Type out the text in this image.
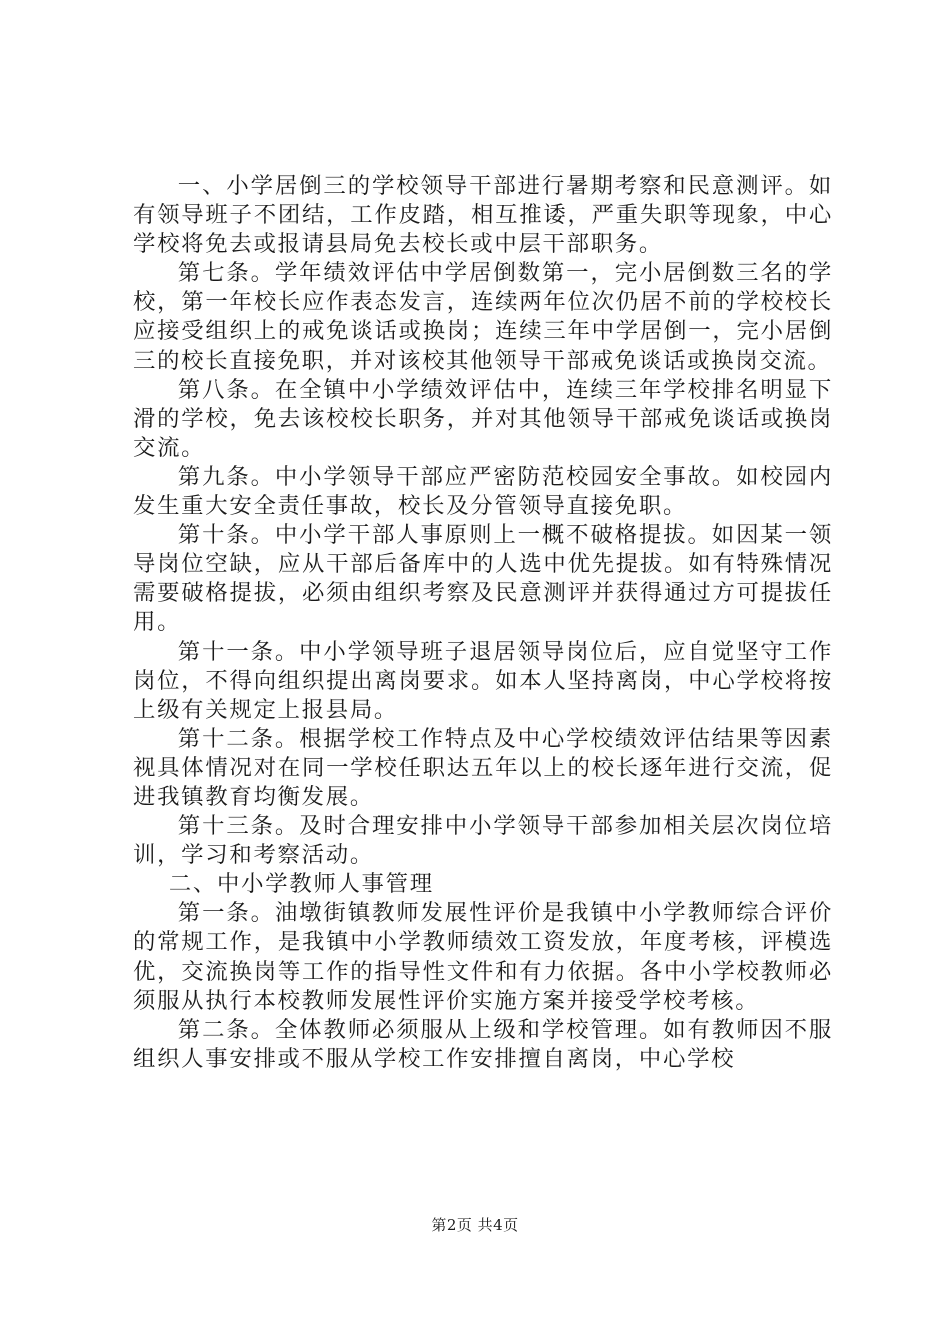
一、小学居倒三的学校领导干部进行暑期考察和民意测评。如有领导班子不团结，工作皮踏，相互推诿，严重失职等现象，中心学校将免去或报请县局免去校长或中层干部职务。

第七条。学年绩效评估中学居倒数第一，完小居倒数三名的学校，第一年校长应作表态发言，连续两年位次仍居不前的学校校长应接受组织上的戒免谈话或换岗；连续三年中学居倒一，完小居倒三的校长直接免职，并对该校其他领导干部戒免谈话或换岗交流。

第八条。在全镇中小学绩效评估中，连续三年学校排名明显下滑的学校，免去该校校长职务，并对其他领导干部戒免谈话或换岗交流。

第九条。中小学领导干部应严密防范校园安全事故。如校园内发生重大安全责任事故，校长及分管领导直接免职。

第十条。中小学干部人事原则上一概不破格提拔。如因某一领导岗位空缺，应从干部后备库中的人选中优先提拔。如有特殊情况需要破格提拔，必须由组织考察及民意测评并获得通过方可提拔任用。

第十一条。中小学领导班子退居领导岗位后，应自觉坚守工作岗位，不得向组织提出离岗要求。如本人坚持离岗，中心学校将按上级有关规定上报县局。

第十二条。根据学校工作特点及中心学校绩效评估结果等因素视具体情况对在同一学校任职达五年以上的校长逐年进行交流，促进我镇教育均衡发展。

第十三条。及时合理安排中小学领导干部参加相关层次岗位培训，学习和考察活动。

二、中小学教师人事管理

第一条。油墩街镇教师发展性评价是我镇中小学教师综合评价的常规工作，是我镇中小学教师绩效工资发放，年度考核，评模选优，交流换岗等工作的指导性文件和有力依据。各中小学校教师必须服从执行本校教师发展性评价实施方案并接受学校考核。

第二条。全体教师必须服从上级和学校管理。如有教师因不服组织人事安排或不服从学校工作安排擅自离岗，中心学校

第2页 共4页
